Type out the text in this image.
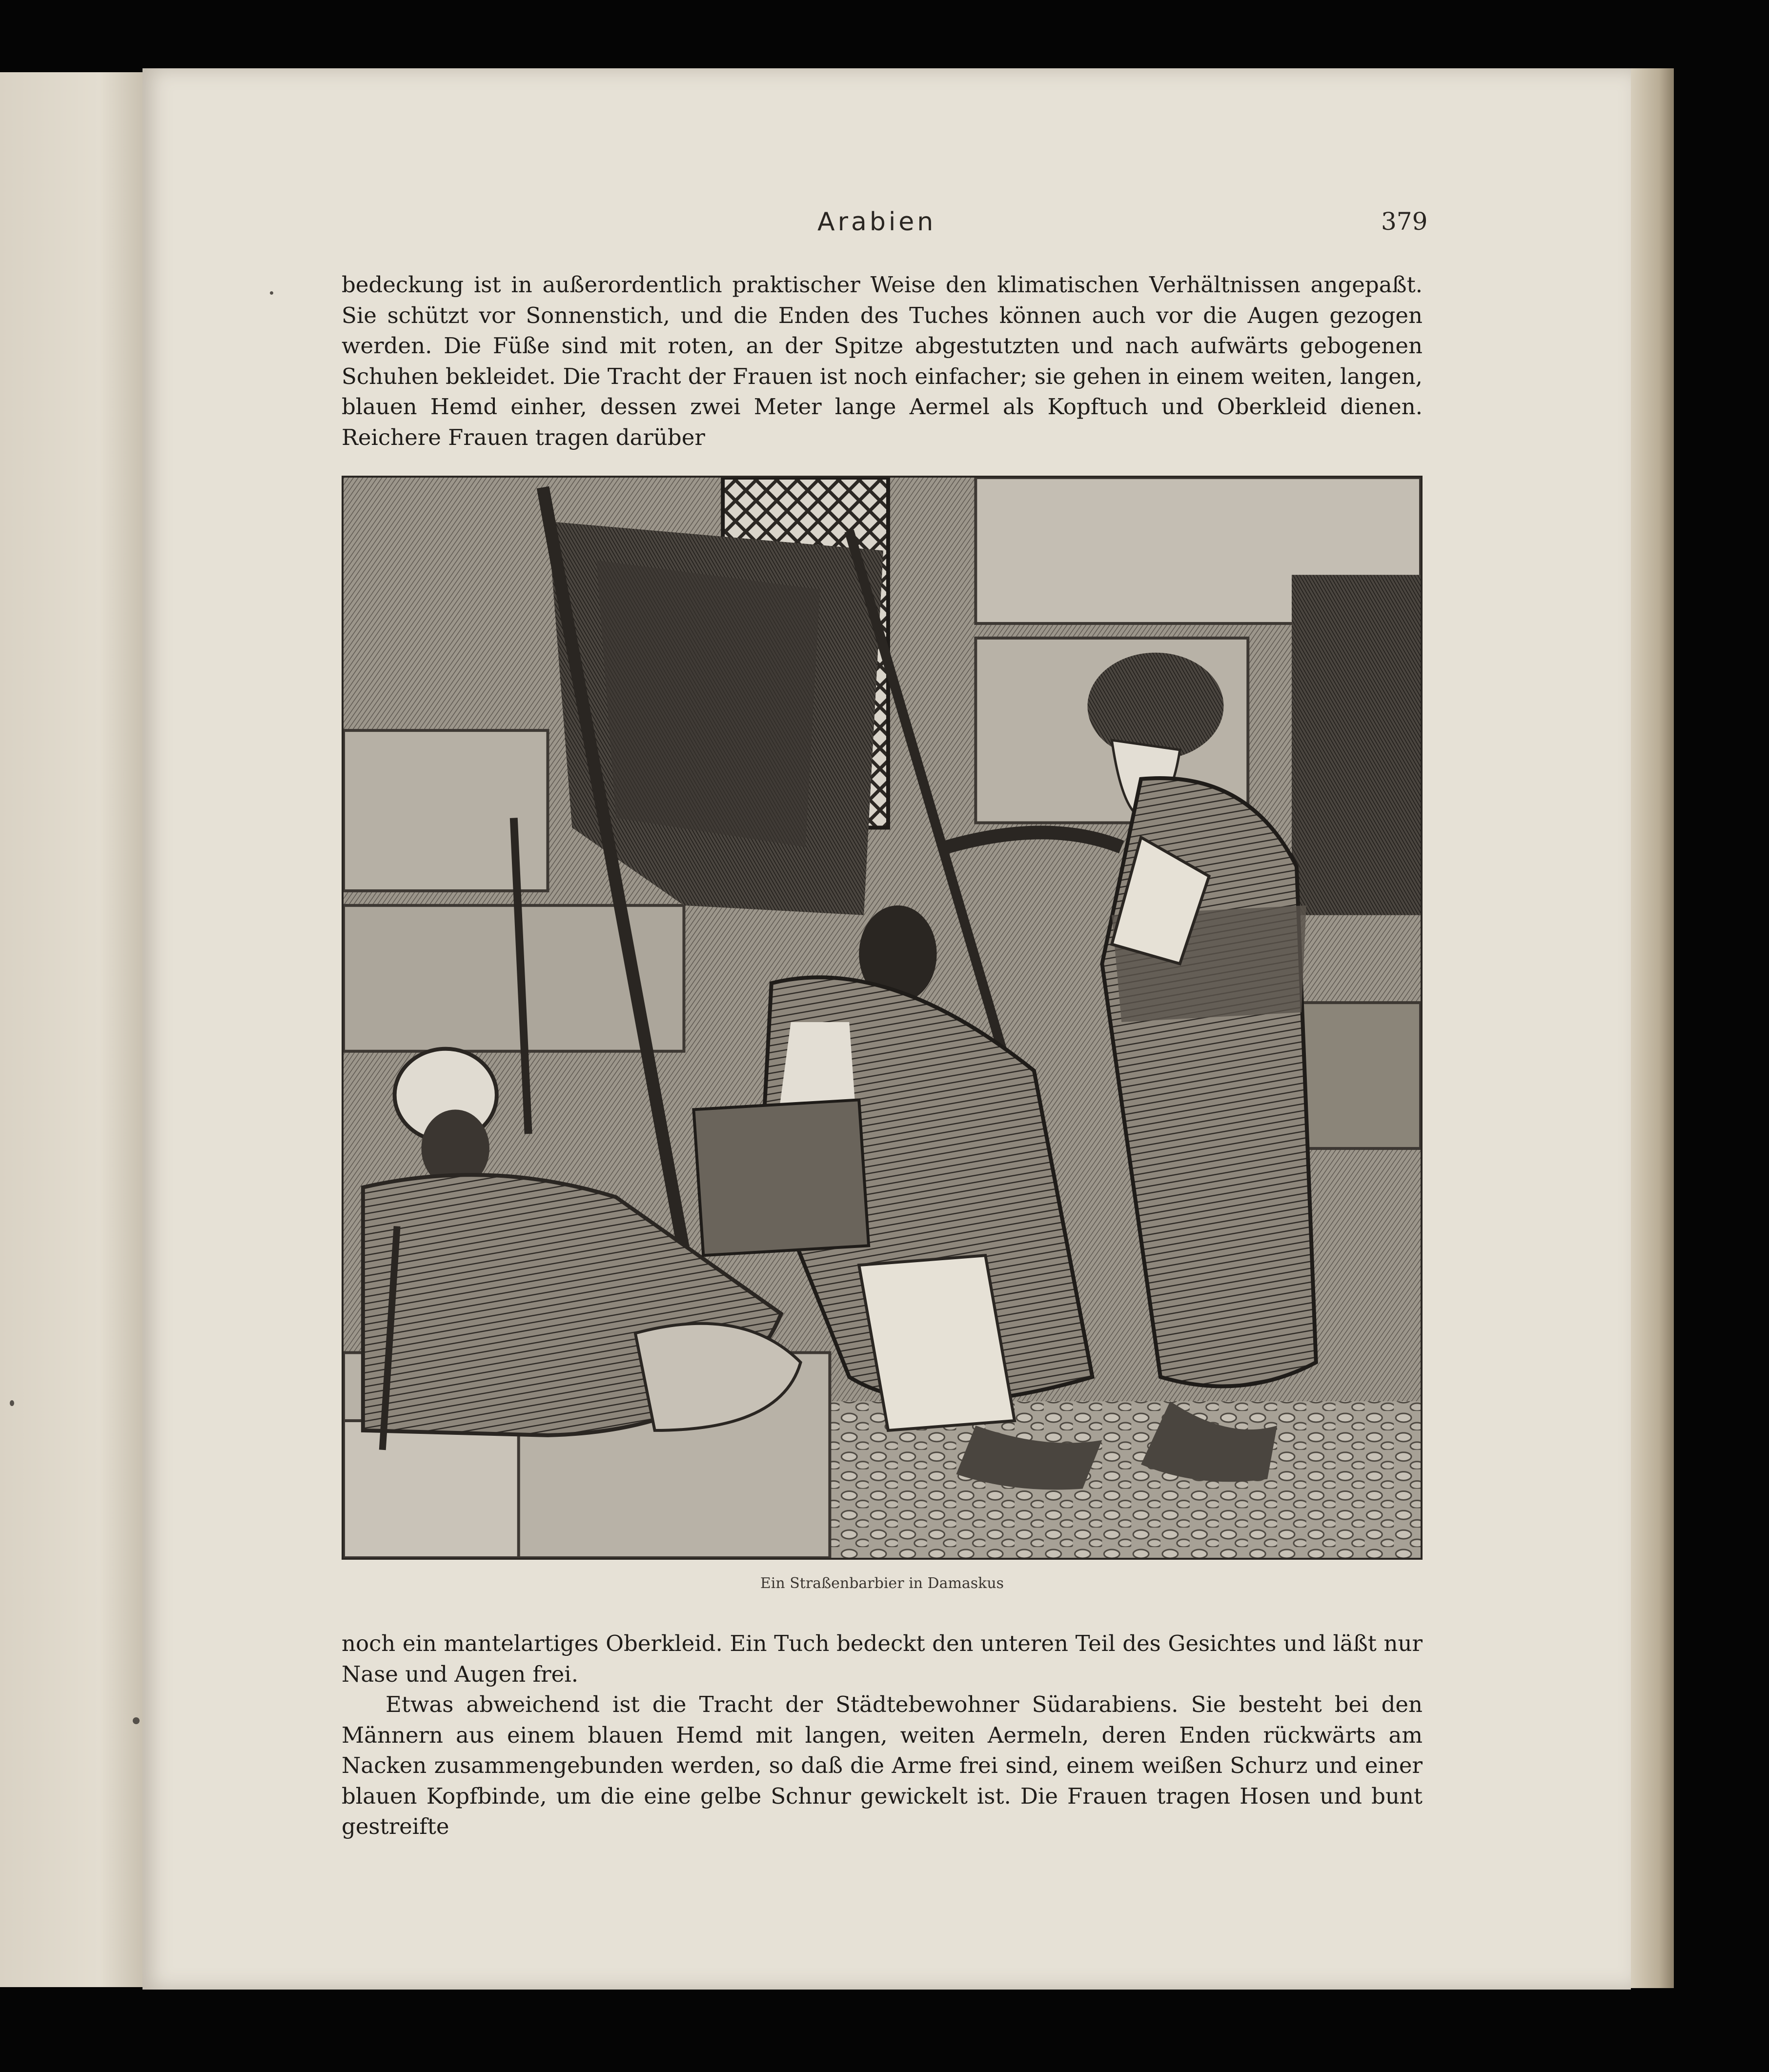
Arabien	379

bedeckung ist in außerordentlich praktischer Weise den klimatischen Verhältnissen angepaßt. Sie schützt vor Sonnenstich, und die Enden des Tuches können auch vor die Augen gezogen werden. Die Füße sind mit roten, an der Spitze abgestutzten und nach aufwärts gebogenen Schuhen bekleidet. Die Tracht der Frauen ist noch einfacher; sie gehen in einem weiten, langen, blauen Hemd einher, dessen zwei Meter lange Aermel als Kopftuch und Oberkleid dienen. Reichere Frauen tragen darüber

Ein Straßenbarbier in Damaskus

noch ein mantelartiges Oberkleid. Ein Tuch bedeckt den unteren Teil des Gesichtes und läßt nur Nase und Augen frei.

Etwas abweichend ist die Tracht der Städtebewohner Südarabiens. Sie besteht bei den Männern aus einem blauen Hemd mit langen, weiten Aermeln, deren Enden rückwärts am Nacken zusammengebunden werden, so daß die Arme frei sind, einem weißen Schurz und einer blauen Kopfbinde, um die eine gelbe Schnur gewickelt ist. Die Frauen tragen Hosen und bunt gestreifte
